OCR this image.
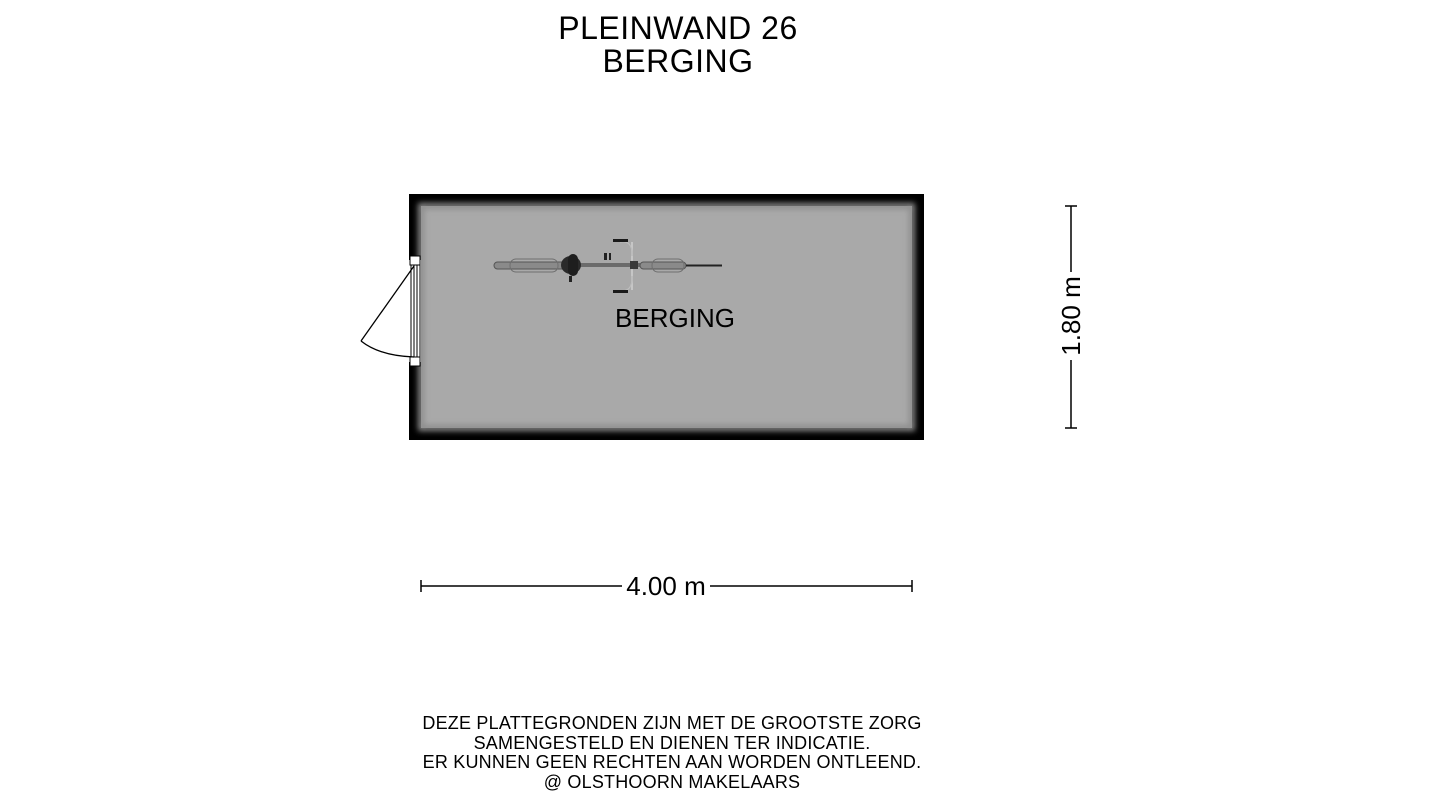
PLEINWAND 26
BERGING
BERGING
4.00 m
1.80 m
DEZE PLATTEGRONDEN ZIJN MET DE GROOTSTE ZORG
SAMENGESTELD EN DIENEN TER INDICATIE.
ER KUNNEN GEEN RECHTEN AAN WORDEN ONTLEEND.
@ OLSTHOORN MAKELAARS
